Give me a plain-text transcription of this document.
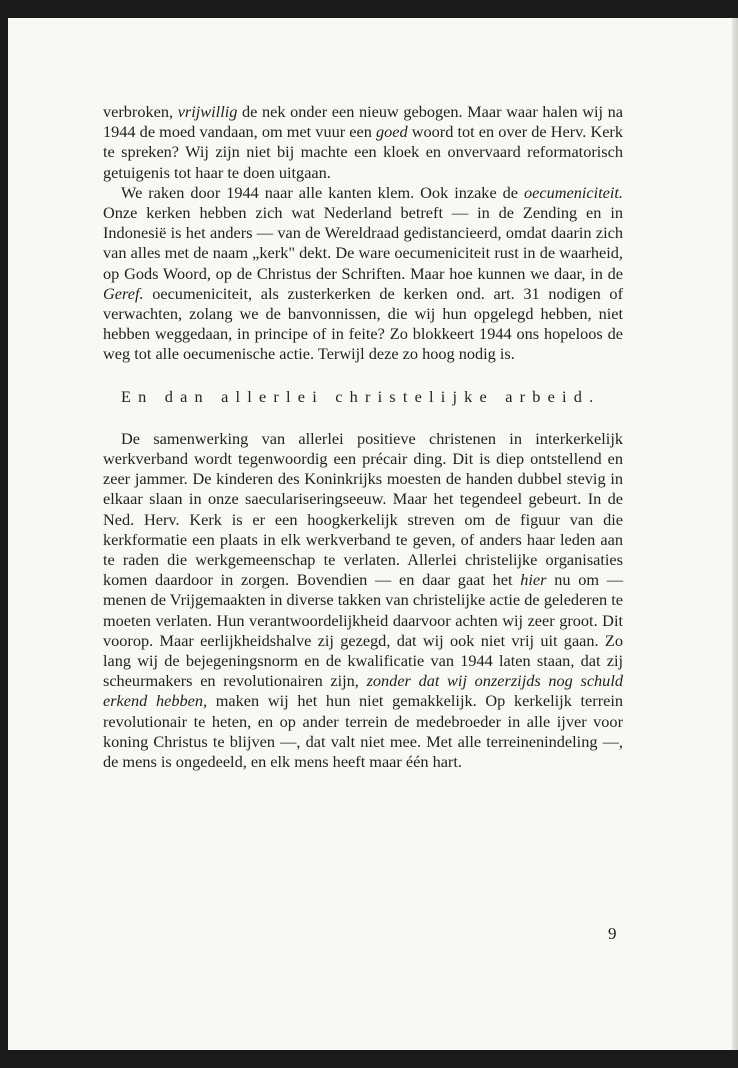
verbroken, vrijwillig de nek onder een nieuw gebogen. Maar waar halen wij na 1944 de moed vandaan, om met vuur een goed woord tot en over de Herv. Kerk te spreken? Wij zijn niet bij machte een kloek en onvervaard reformatorisch getuigenis tot haar te doen uitgaan.

We raken door 1944 naar alle kanten klem. Ook inzake de oecumeniciteit. Onze kerken hebben zich wat Nederland betreft — in de Zending en in Indonesië is het anders — van de Wereldraad gedistancieerd, omdat daarin zich van alles met de naam „kerk" dekt. De ware oecumeniciteit rust in de waarheid, op Gods Woord, op de Christus der Schriften. Maar hoe kunnen we daar, in de Geref. oecumeniciteit, als zusterkerken de kerken ond. art. 31 nodigen of verwachten, zolang we de banvonnissen, die wij hun opgelegd hebben, niet hebben weggedaan, in principe of in feite? Zo blokkeert 1944 ons hopeloos de weg tot alle oecumenische actie. Terwijl deze zo hoog nodig is.

En dan allerlei christelijke arbeid.

De samenwerking van allerlei positieve christenen in interkerkelijk werkverband wordt tegenwoordig een précair ding. Dit is diep ontstellend en zeer jammer. De kinderen des Koninkrijks moesten de handen dubbel stevig in elkaar slaan in onze saeculariseringseeuw. Maar het tegendeel gebeurt. In de Ned. Herv. Kerk is er een hoogkerkelijk streven om de figuur van die kerkformatie een plaats in elk werkverband te geven, of anders haar leden aan te raden die werkgemeenschap te verlaten. Allerlei christelijke organisaties komen daardoor in zorgen. Bovendien — en daar gaat het hier nu om — menen de Vrijgemaakten in diverse takken van christelijke actie de gelederen te moeten verlaten. Hun verantwoordelijkheid daarvoor achten wij zeer groot. Dit voorop. Maar eerlijkheidshalve zij gezegd, dat wij ook niet vrij uit gaan. Zo lang wij de bejegeningsnorm en de kwalificatie van 1944 laten staan, dat zij scheurmakers en revolutionairen zijn, zonder dat wij onzerzijds nog schuld erkend hebben, maken wij het hun niet gemakkelijk. Op kerkelijk terrein revolutionair te heten, en op ander terrein de medebroeder in alle ijver voor koning Christus te blijven —, dat valt niet mee. Met alle terreinenindeling —, de mens is ongedeeld, en elk mens heeft maar één hart.

9
